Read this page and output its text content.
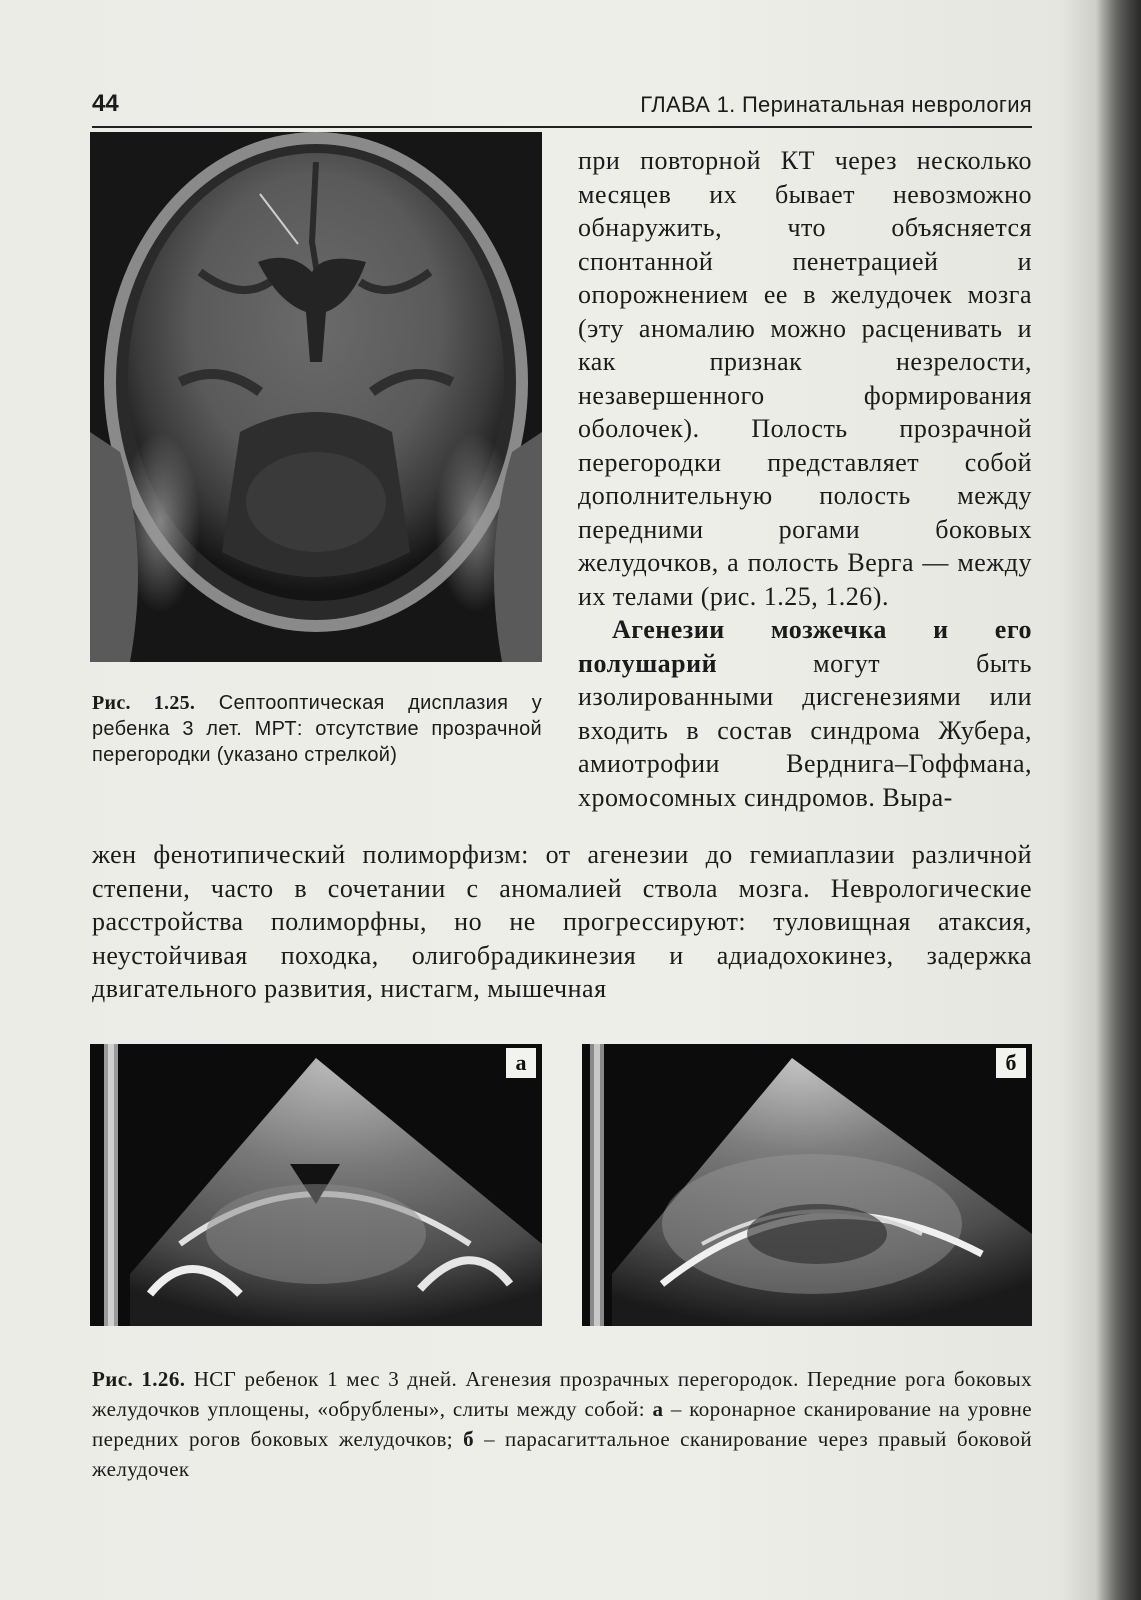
44	ГЛАВА 1. Перинатальная неврология
Рис. 1.25. Септооптическая дисплазия у ребенка 3 лет. МРТ: отсутствие прозрачной перегородки (указано стрелкой)

при повторной КТ через несколько месяцев их бывает невозможно обнаружить, что объясняется спонтанной пенетрацией и опорожнением ее в желудочек мозга (эту аномалию можно расценивать и как признак незрелости, незавершенного формирования оболочек). Полость прозрачной перегородки представляет собой дополнительную полость между передними рогами боковых желудочков, а полость Верга — между их телами (рис. 1.25, 1.26).

Агенезии мозжечка и его полушарий	могут быть изолированными дисгенезиями или входить в состав синдрома Жубера, амиотрофии Верднига–Гоффмана, хромосомных синдромов. Выра-

жен фенотипический полиморфизм: от агенезии до гемиаплазии различной степени, часто в сочетании с аномалией ствола мозга. Неврологические расстройства полиморфны, но не прогрессируют: туловищная атаксия, неустойчивая походка, олигобрадикинезия и адиадохокинез, задержка двигательного развития, нистагм, мышечная

а	б

Рис. 1.26. НСГ ребенок 1 мес 3 дней. Агенезия прозрачных перегородок. Передние рога боковых желудочков уплощены, «обрублены», слиты между собой: а – коронарное сканирование на уровне передних рогов боковых желудочков; б – парасагиттальное сканирование через правый боковой желудочек
